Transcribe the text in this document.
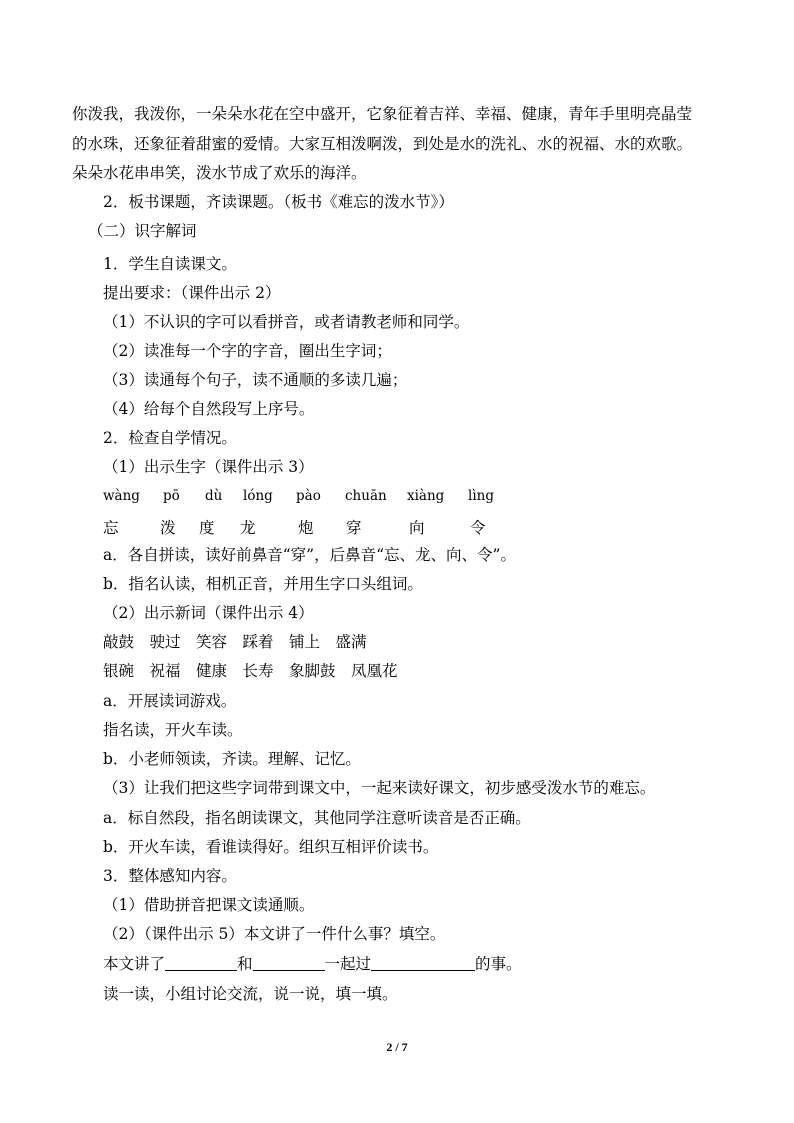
你泼我，我泼你，一朵朵水花在空中盛开，它象征着吉祥、幸福、健康，青年手里明亮晶莹
的水珠，还象征着甜蜜的爱情。大家互相泼啊泼，到处是水的洗礼、水的祝福、水的欢歌。
朵朵水花串串笑，泼水节成了欢乐的海洋。
2．板书课题，齐读课题。（板书《难忘的泼水节》）
（二）识字解词
1．学生自读课文。
提出要求：（课件出示 2）
（1）不认识的字可以看拼音，或者请教老师和同学。
（2）读准每一个字的字音，圈出生字词；
（3）读通每个句子，读不通顺的多读几遍；
（4）给每个自然段写上序号。
2．检查自学情况。
（1）出示生字（课件出示 3）
wàng pō dù lóng pào chuān xiàng lìng
忘	泼 度 龙	炮 穿	向	令
a．各自拼读，读好前鼻音“穿”，后鼻音“忘、龙、向、令”。
b．指名认读，相机正音，并用生字口头组词。
（2）出示新词（课件出示 4）
敲鼓　驶过　笑容　踩着　铺上　盛满
银碗　祝福　健康　长寿　象脚鼓　凤凰花
a．开展读词游戏。
指名读，开火车读。
b．小老师领读，齐读。理解、记忆。
（3）让我们把这些字词带到课文中，一起来读好课文，初步感受泼水节的难忘。
a．标自然段，指名朗读课文，其他同学注意听读音是否正确。
b．开火车读，看谁读得好。组织互相评价读书。
3．整体感知内容。
（1）借助拼音把课文读通顺。
（2）（课件出示 5）本文讲了一件什么事？填空。
本文讲了	和	一起过	的事。
读一读，小组讨论交流，说一说，填一填。
2 / 7
